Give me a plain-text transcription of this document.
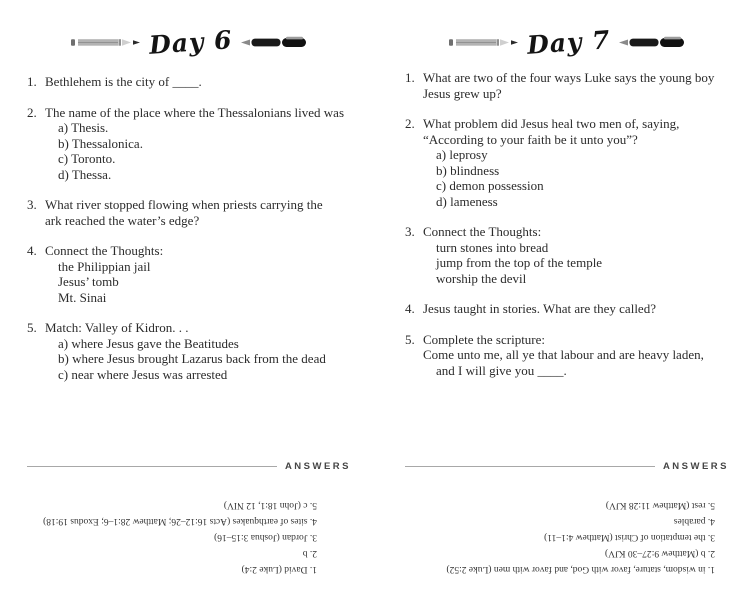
Day 6
1. Bethlehem is the city of ____.
2. The name of the place where the Thessalonians lived was
a) Thesis.
b) Thessalonica.
c) Toronto.
d) Thessa.
3. What river stopped flowing when priests carrying the
ark reached the water’s edge?
4. Connect the Thoughts:
the Philippian jail
Jesus’ tomb
Mt. Sinai
5. Match: Valley of Kidron. . .
a) where Jesus gave the Beatitudes
b) where Jesus brought Lazarus back from the dead
c) near where Jesus was arrested
ANSWERS
1. David (Luke 2:4)
2. b
3. Jordan (Joshua 3:15–16)
4. sites of earthquakes (Acts 16:12–26; Matthew 28:1–6; Exodus 19:18)
5. c (John 18:1, 12 NIV)
Day 7
1. What are two of the four ways Luke says the young boy
Jesus grew up?
2. What problem did Jesus heal two men of, saying,
“According to your faith be it unto you”?
a) leprosy
b) blindness
c) demon possession
d) lameness
3. Connect the Thoughts:
turn stones into bread
jump from the top of the temple
worship the devil
4. Jesus taught in stories. What are they called?
5. Complete the scripture:
Come unto me, all ye that labour and are heavy laden,
and I will give you ____.
ANSWERS
1. in wisdom, stature, favor with God, and favor with men (Luke 2:52)
2. b (Matthew 9:27–30 KJV)
3. the temptation of Christ (Matthew 4:1–11)
4. parables
5. rest (Matthew 11:28 KJV)
